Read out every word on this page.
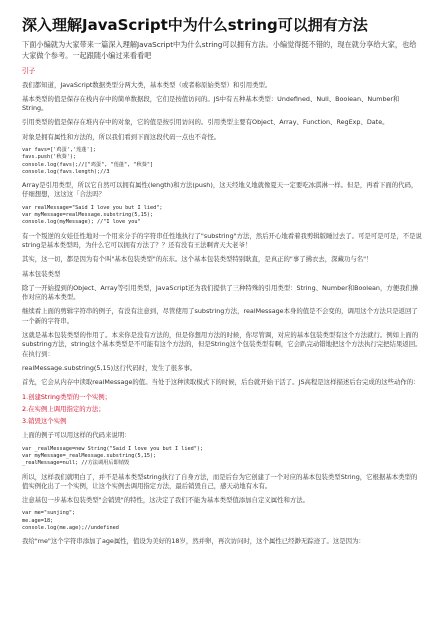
深入理解JavaScript中为什么string可以拥有方法
下面小编就为大家带来一篇深入理解JavaScript中为什么string可以拥有方法。小编觉得挺不错的，现在就分享给大家，也给大家做个参考。一起跟随小编过来看看吧
引子
我们都知道，JavaScript数据类型分两大类，基本类型（或者称原始类型）和引用类型。
基本类型的值是保存在栈内存中的简单数据段，它们是按值访问的。JS中有五种基本类型：Undefined、Null、Boolean、Number和String。
引用类型的值是保存在堆内存中的对象，它的值是按引用访问的。引用类型主要有Object、Array、Function、RegExp、Date。
对象是拥有属性和方法的，所以我们看到下面这段代码一点也不奇怪。
var favs=['鸡蛋','莲蓬'];
favs.push('秋葵');
console.log(favs);//["鸡蛋", "莲蓬", "秋葵"]
console.log(favs.length);//3
Array是引用类型，所以它自然可以拥有属性(length)和方法(push)，这天经地义地就像夏天一定要吃冰淇淋一样。但是，再看下面的代码，仔细想想，这这这「合法吗？
var realMessage="Said I love you but I lied";
var myMessage=realMessage.substring(5,15);
console.log(myMessage); //"I love you"
有一个叛逆的女娃任性地对一个用来分手的字符串任性地执行了"substring"方法，然后开心地看着我剪辑版睡过去了。可是可是可是，不是说string是基本类型吗，为什么它可以拥有方法了？？还有没有王法啊青天大老爷！
其实，这一切，都是因为有个叫"基本包装类型"的东东。这个基本包装类型特别耿直，是真正的"事了拂衣去，深藏功与名"！
基本包装类型
除了一开始提到的Object、Array等引用类型，JavaScript还为我们提供了三种特殊的引用类型：String、Number和Boolean，方便我们操作对应的基本类型。
继续看上面的剪辑字符串的例子，有没有注意到，尽管使用了substring方法，realMessage本身的值是不会变的，调用这个方法只是返回了一个新的字符串。
这就是基本包装类型的作用了。本来你是没有方法的，但是你想用方法的时候，你尽管调，对应的基本包装类型有这个方法就行。例如上面的substring方法，string这个基本类型是不可能有这个方法的，但是String这个包装类型有啊，它会趴完动错地把这个方法执行完把结果返回。在执行到：
realMessage.substring(5,15)这行代码时，发生了很多事。
首先，它会从内存中读取realMessage的值。当处于这种读取模式下的时候，后台就开始干活了。JS高程是这样描述后台完成的这些动作的：
1.创建String类型的一个实例；
2.在实例上调用指定的方法；
3.销毁这个实例
上面的例子可以用这样的代码来说明：
var _realMessage=new String("Said I love you but I lied");
var myMessage=_realMessage.substring(5,15);
_realMessage=null; //方法调用后即销毁
所以，这样我们就明白了，并不是基本类型string执行了自身方法，而是后台为它创建了一个对应的基本包装类型String，它根据基本类型的值实例化出了一个实例，让这个实例去调用指定方法，最后销毁自己，感天动地有木有。
注意基包一步基本包装类型"会销毁"的特性，这决定了我们不能为基本类型值添加自定义属性和方法。
var me="sunjing";
me.age=18;
console.log(me.age);//undefined
我给"me"这个字符串添加了age属性，值设为美好的18岁，然并卵，再次访问时，这个属性已经渺无踪迹了。这是因为：
